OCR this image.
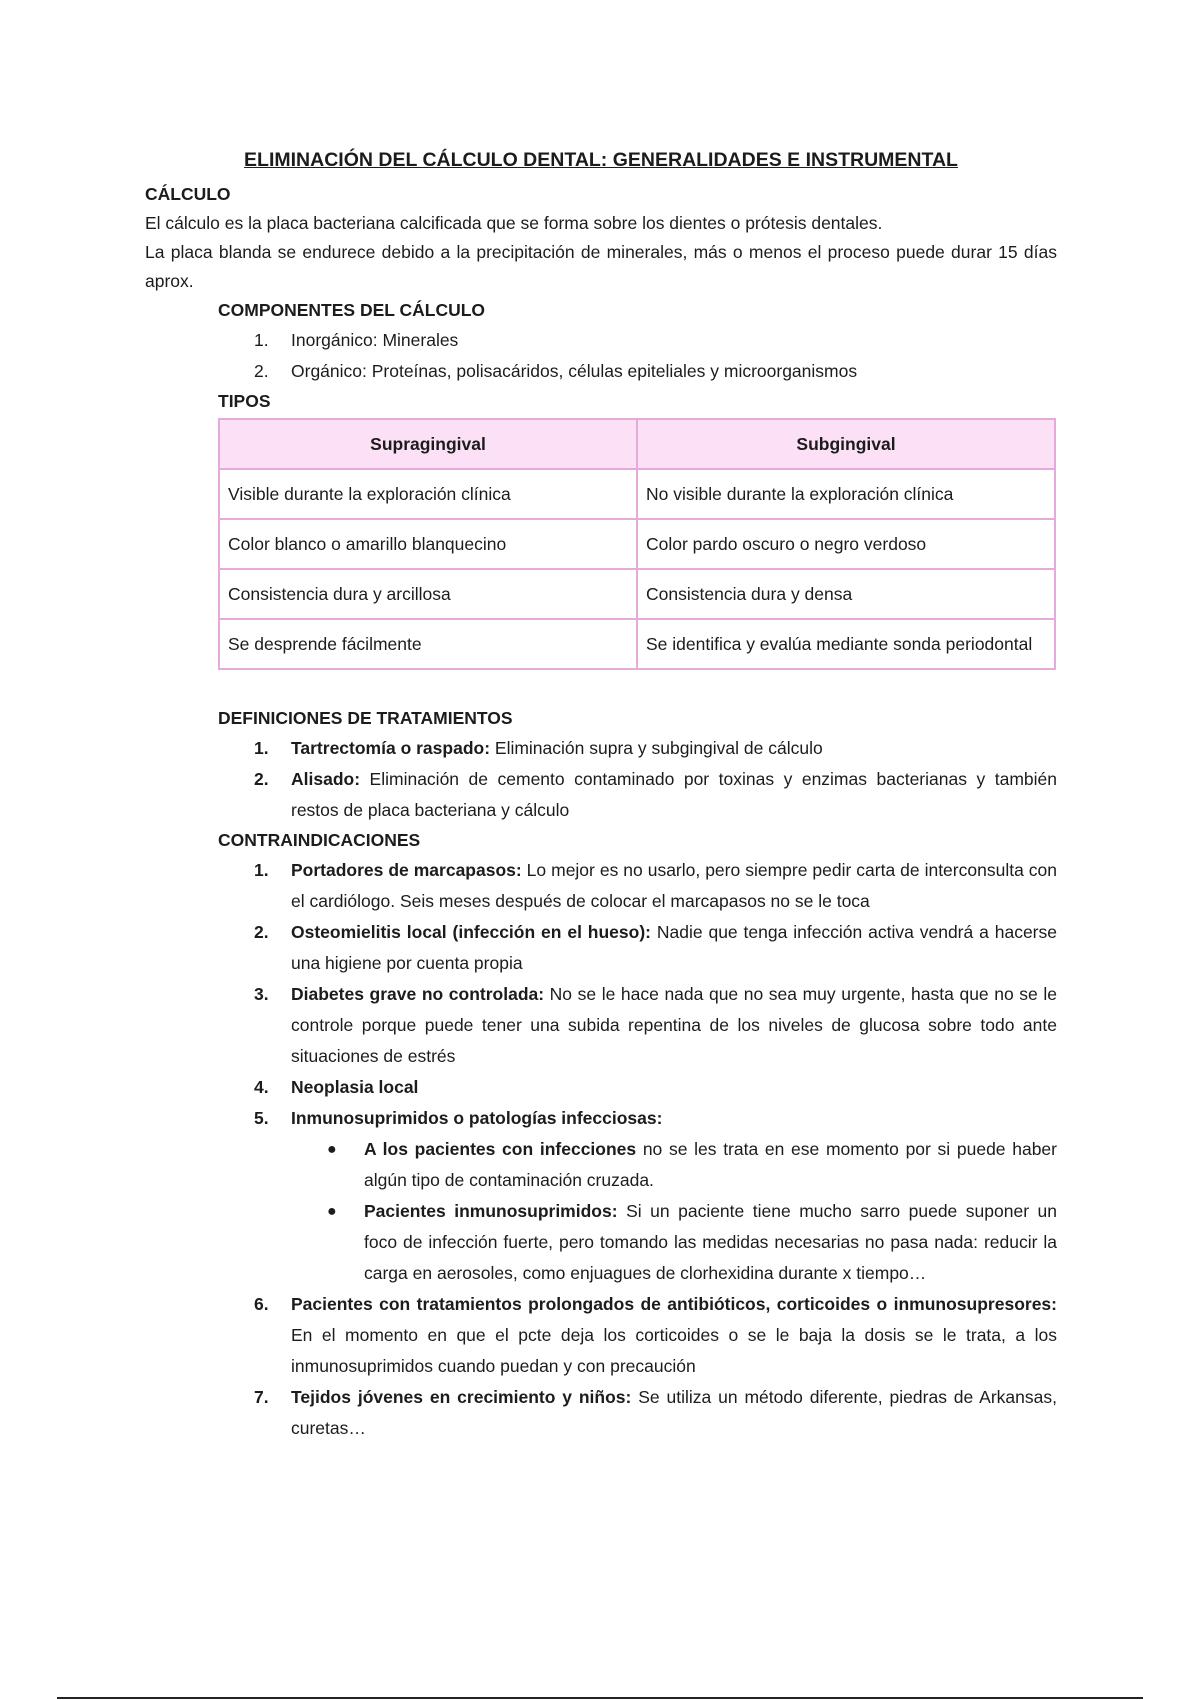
ELIMINACIÓN DEL CÁLCULO DENTAL: GENERALIDADES E INSTRUMENTAL

CÁLCULO

El cálculo es la placa bacteriana calcificada que se forma sobre los dientes o prótesis dentales.

La placa blanda se endurece debido a la precipitación de minerales, más o menos el proceso puede durar 15 días aprox.

COMPONENTES DEL CÁLCULO

1. Inorgánico: Minerales
2. Orgánico: Proteínas, polisacáridos, células epiteliales y microorganismos

TIPOS

Supragingival	Subgingival
Visible durante la exploración clínica	No visible durante la exploración clínica
Color blanco o amarillo blanquecino	Color pardo oscuro o negro verdoso
Consistencia dura y arcillosa	Consistencia dura y densa
Se desprende fácilmente	Se identifica y evalúa mediante sonda periodontal

DEFINICIONES DE TRATAMIENTOS

1. Tartrectomía o raspado: Eliminación supra y subgingival de cálculo
2. Alisado: Eliminación de cemento contaminado por toxinas y enzimas bacterianas y también restos de placa bacteriana y cálculo

CONTRAINDICACIONES

1. Portadores de marcapasos: Lo mejor es no usarlo, pero siempre pedir carta de interconsulta con el cardiólogo. Seis meses después de colocar el marcapasos no se le toca
2. Osteomielitis local (infección en el hueso): Nadie que tenga infección activa vendrá a hacerse una higiene por cuenta propia
3. Diabetes grave no controlada: No se le hace nada que no sea muy urgente, hasta que no se le controle porque puede tener una subida repentina de los niveles de glucosa sobre todo ante situaciones de estrés
4. Neoplasia local
5. Inmunosuprimidos o patologías infecciosas:
● A los pacientes con infecciones no se les trata en ese momento por si puede haber algún tipo de contaminación cruzada.
● Pacientes inmunosuprimidos: Si un paciente tiene mucho sarro puede suponer un foco de infección fuerte, pero tomando las medidas necesarias no pasa nada: reducir la carga en aerosoles, como enjuagues de clorhexidina durante x tiempo…
6. Pacientes con tratamientos prolongados de antibióticos, corticoides o inmunosupresores: En el momento en que el pcte deja los corticoides o se le baja la dosis se le trata, a los inmunosuprimidos cuando puedan y con precaución
7. Tejidos jóvenes en crecimiento y niños: Se utiliza un método diferente, piedras de Arkansas, curetas…
